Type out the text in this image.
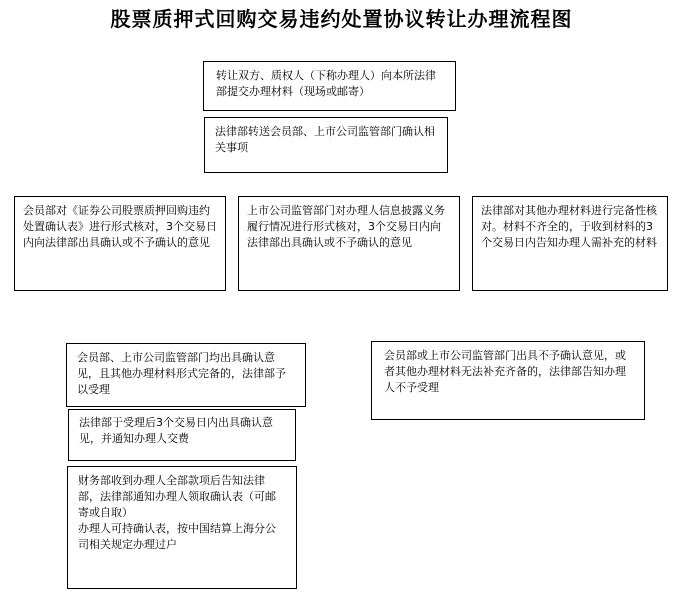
股票质押式回购交易违约处置协议转让办理流程图
转让双方、质权人（下称办理人）向本所法律部提交办理材料（现场或邮寄）
法律部转送会员部、上市公司监管部门确认相关事项
会员部对《证券公司股票质押回购违约处置确认表》进行形式核对，3个交易日内向法律部出具确认或不予确认的意见
上市公司监管部门对办理人信息披露义务履行情况进行形式核对，3个交易日内向法律部出具确认或不予确认的意见
法律部对其他办理材料进行完备性核对。材料不齐全的，于收到材料的3个交易日内告知办理人需补充的材料
会员部、上市公司监管部门均出具确认意见，且其他办理材料形式完备的，法律部予以受理
会员部或上市公司监管部门出具不予确认意见，或者其他办理材料无法补充齐备的，法律部告知办理人不予受理
法律部于受理后3个交易日内出具确认意见，并通知办理人交费
财务部收到办理人全部款项后告知法律部，法律部通知办理人领取确认表（可邮寄或自取）
办理人可持确认表，按中国结算上海分公司相关规定办理过户
